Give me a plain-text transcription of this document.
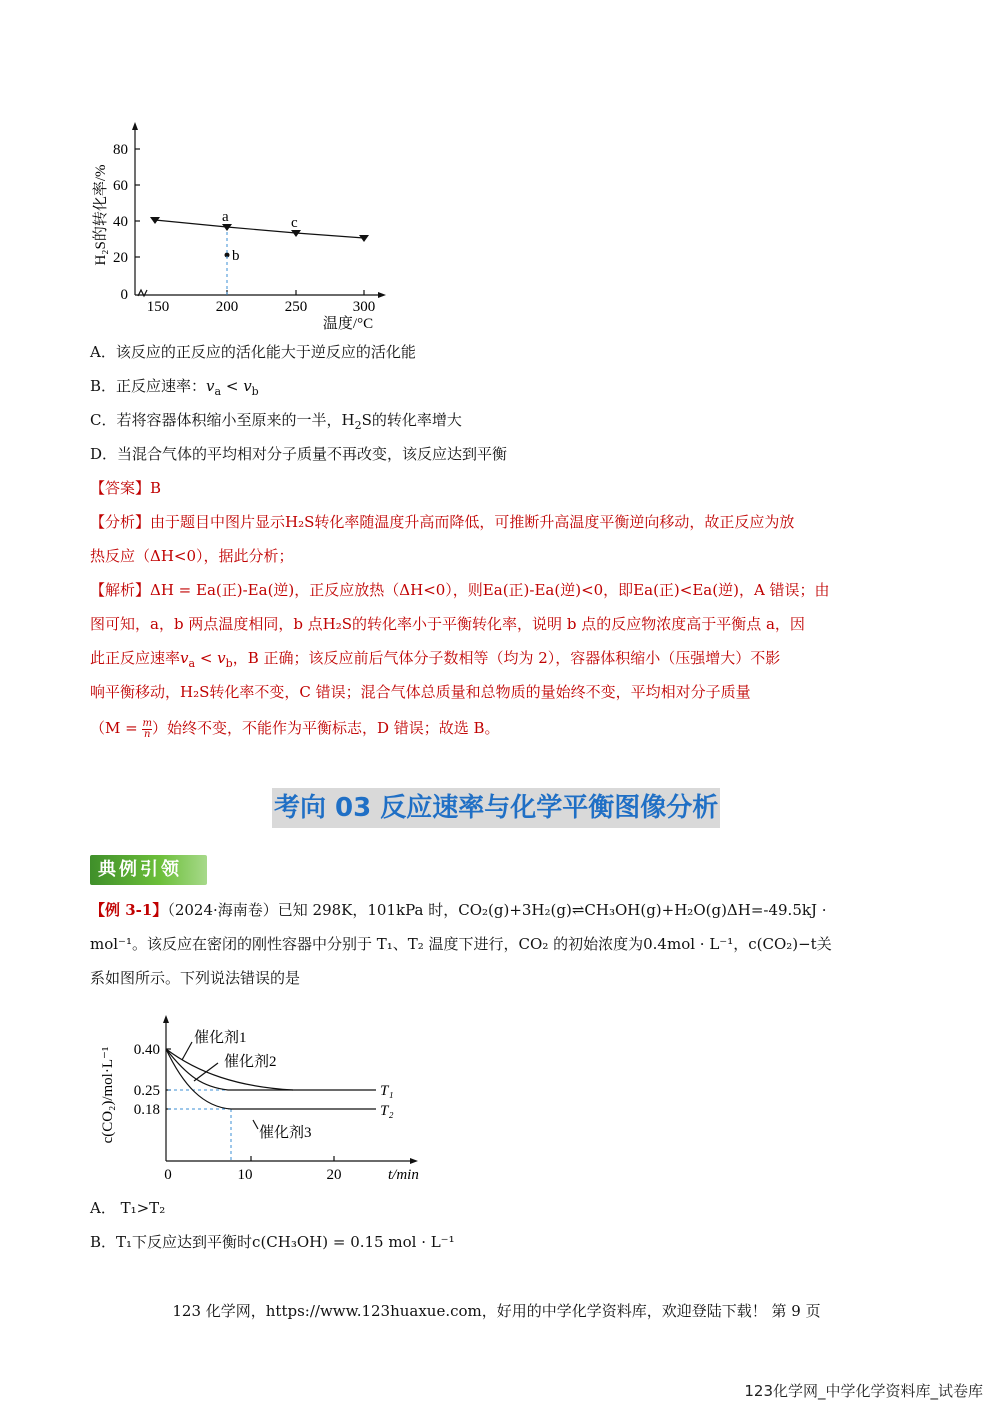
80
60
40
20
0
150	200	250	300
温度/°C
H₂S的转化率/%	a
b
c
A．该反应的正反应的活化能大于逆反应的活化能
B．正反应速率：$v_a < v_b$
C．若将容器体积缩小至原来的一半，$H_2S$的转化率增大
D．当混合气体的平均相对分子质量不再改变，该反应达到平衡
【答案】B
【分析】由于题目中图片显示H₂S转化率随温度升高而降低，可推断升高温度平衡逆向移动，故正反应为放
热反应（ΔH<0），据此分析；
【解析】ΔH = Ea(正)-Ea(逆)，正反应放热（ΔH<0），则Ea(正)-Ea(逆)<0，即Ea(正)<Ea(逆)，A 错误；由
图可知，a，b 两点温度相同，b 点H₂S的转化率小于平衡转化率，说明 b 点的反应物浓度高于平衡点 a，因
此正反应速率$v_a < v_b$，B 正确；该反应前后气体分子数相等（均为 2），容器体积缩小（压强增大）不影
响平衡移动，H₂S转化率不变，C 错误；混合气体总质量和总物质的量始终不变，平均相对分子质量
（$M = \frac{m}{n}$ ）始终不变，不能作为平衡标志，D 错误；故选 B。
考向 03 反应速率与化学平衡图像分析
典例引领
【例 3-1】（2024·海南卷）已知 298K，101kPa 时，CO₂(g)+3H₂(g)⇌CH₃OH(g)+H₂O(g)ΔH=-49.5kJ ·
mol⁻¹。该反应在密闭的刚性容器中分别于 T₁、T₂ 温度下进行，CO₂ 的初始浓度为0.4mol · L⁻¹，c(CO₂)−t关
系如图所示。下列说法错误的是
0.40
0.25
0.18
0	10	20	t/min
c(CO₂)/mol·L⁻¹
催化剂1
催化剂2
催化剂3
T₁
T₂
A． T₁>T₂
B．T₁下反应达到平衡时c(CH₃OH) = 0.15 mol · L⁻¹
123 化学网，https://www.123huaxue.com，好用的中学化学资料库，欢迎登陆下载！ 第 9 页
123化学网_中学化学资料库_试卷库
